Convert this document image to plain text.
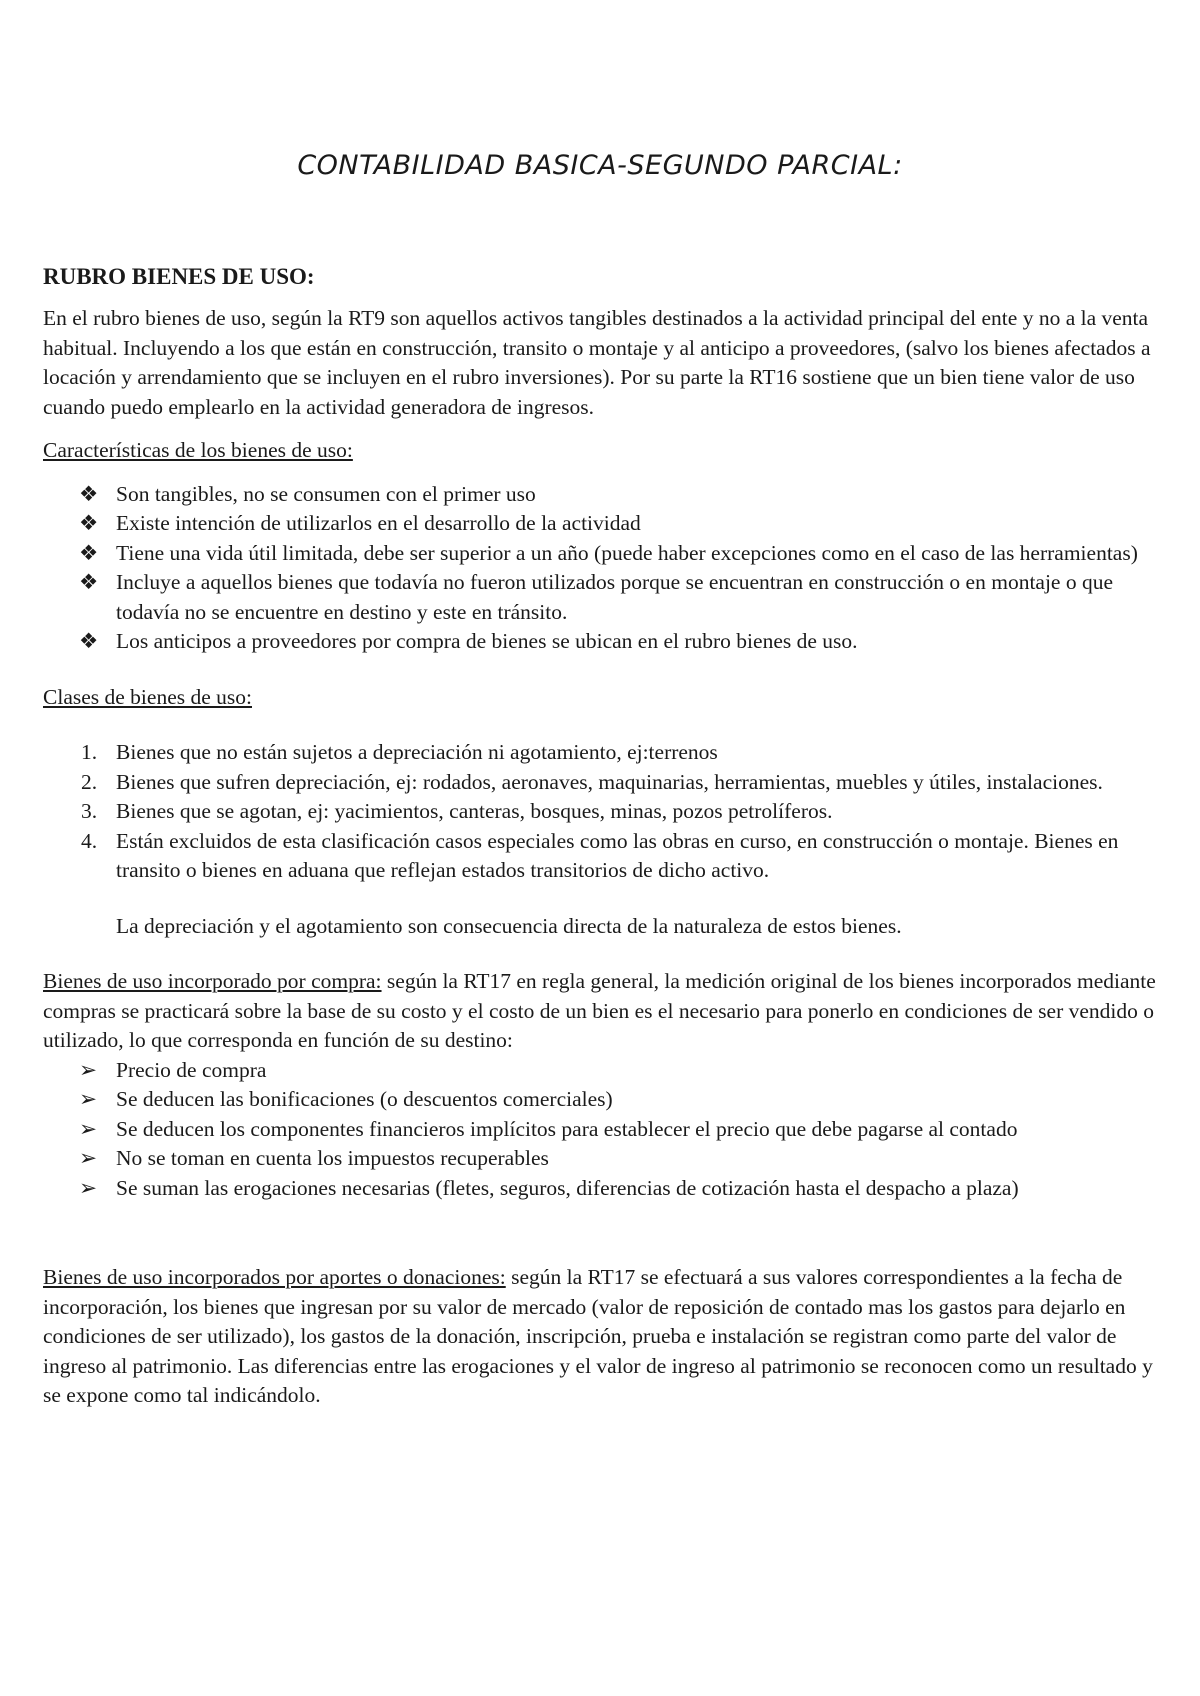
CONTABILIDAD BASICA-SEGUNDO PARCIAL:
RUBRO BIENES DE USO:

En el rubro bienes de uso, según la RT9 son aquellos activos tangibles destinados a la actividad principal del ente y no a la venta habitual. Incluyendo a los que están en construcción, transito o montaje y al anticipo a proveedores, (salvo los bienes afectados a locación y arrendamiento que se incluyen en el rubro inversiones). Por su parte la RT16 sostiene que un bien tiene valor de uso cuando puedo emplearlo en la actividad generadora de ingresos.

Características de los bienes de uso:

❖ Son tangibles, no se consumen con el primer uso
❖ Existe intención de utilizarlos en el desarrollo de la actividad
❖ Tiene una vida útil limitada, debe ser superior a un año (puede haber excepciones como en el caso de las herramientas)
❖ Incluye a aquellos bienes que todavía no fueron utilizados porque se encuentran en construcción o en montaje o que todavía no se encuentre en destino y este en tránsito.
❖ Los anticipos a proveedores por compra de bienes se ubican en el rubro bienes de uso.

Clases de bienes de uso:

1. Bienes que no están sujetos a depreciación ni agotamiento, ej:terrenos
2. Bienes que sufren depreciación, ej: rodados, aeronaves, maquinarias, herramientas, muebles y útiles, instalaciones.
3. Bienes que se agotan, ej: yacimientos, canteras, bosques, minas, pozos petrolíferos.
4. Están excluidos de esta clasificación casos especiales como las obras en curso, en construcción o montaje. Bienes en transito o bienes en aduana que reflejan estados transitorios de dicho activo.

La depreciación y el agotamiento son consecuencia directa de la naturaleza de estos bienes.

Bienes de uso incorporado por compra: según la RT17 en regla general, la medición original de los bienes incorporados mediante compras se practicará sobre la base de su costo y el costo de un bien es el necesario para ponerlo en condiciones de ser vendido o utilizado, lo que corresponda en función de su destino:

➢ Precio de compra
➢ Se deducen las bonificaciones (o descuentos comerciales)
➢ Se deducen los componentes financieros implícitos para establecer el precio que debe pagarse al contado
➢ No se toman en cuenta los impuestos recuperables
➢ Se suman las erogaciones necesarias (fletes, seguros, diferencias de cotización hasta el despacho a plaza)

Bienes de uso incorporados por aportes o donaciones: según la RT17 se efectuará a sus valores correspondientes a la fecha de incorporación, los bienes que ingresan por su valor de mercado (valor de reposición de contado mas los gastos para dejarlo en condiciones de ser utilizado), los gastos de la donación, inscripción, prueba e instalación se registran como parte del valor de ingreso al patrimonio. Las diferencias entre las erogaciones y el valor de ingreso al patrimonio se reconocen como un resultado y se expone como tal indicándolo.
